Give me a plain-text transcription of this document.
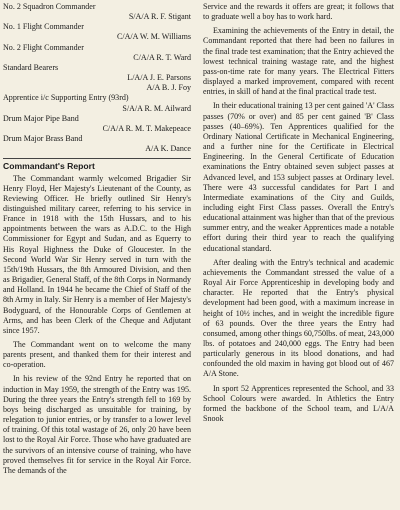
No. 2 Squadron Commander

S/A/A R. F. Stigant

No. 1 Flight Commander

C/A/A W. M. Williams

No. 2 Flight Commander

C/A/A R. T. Ward

Standard Bearers

L/A/A J. E. Parsons

A/A B. J. Foy

Apprentice i/c Supporting Entry (93rd)

S/A/A R. M. Ailward

Drum Major Pipe Band

C/A/A R. M. T. Makepeace

Drum Major Brass Band

A/A K. Dance

Commandant's Report

The Commandant warmly welcomed Brigadier Sir Henry Floyd, Her Majesty's Lieutenant of the County, as Reviewing Officer. He briefly outlined Sir Henry's distinguished military career, referring to his service in France in 1918 with the 15th Hussars, and to his appointments between the wars as A.D.C. to the High Commissioner for Egypt and Sudan, and as Equerry to His Royal Highness the Duke of Gloucester. In the Second World War Sir Henry served in turn with the 15th/19th Hussars, the 8th Armoured Division, and then as Brigadier, General Staff, of the 8th Corps in Normandy and Holland. In 1944 he became the Chief of Staff of the 8th Army in Italy. Sir Henry is a member of Her Majesty's Bodyguard, of the Honourable Corps of Gentlemen at Arms, and has been Clerk of the Cheque and Adjutant since 1957.

The Commandant went on to welcome the many parents present, and thanked them for their interest and co-operation.

In his review of the 92nd Entry he reported that on induction in May 1959, the strength of the Entry was 195. During the three years the Entry's strength fell to 169 by boys being discharged as unsuitable for training, by relegation to junior entries, or by transfer to a lower level of training. Of this total wastage of 26, only 20 have been lost to the Royal Air Force. Those who have graduated are the survivors of an intensive course of training, who have proved themselves fit for service in the Royal Air Force. The demands of the

Service and the rewards it offers are great; it follows that to graduate well a boy has to work hard.

Examining the achievements of the Entry in detail, the Commandant reported that there had been no failures in the final trade test examination; that the Entry achieved the lowest technical training wastage rate, and the highest pass-on-time rate for many years. The Electrical Fitters displayed a marked improvement, compared with recent entries, in skill of hand at the final practical trade test.

In their educational training 13 per cent gained 'A' Class passes (70% or over) and 85 per cent gained 'B' Class passes (40–69%). Ten Apprentices qualified for the Ordinary National Certificate in Mechanical Engineering, and a further nine for the Certificate in Electrical Engineering. In the General Certificate of Education examinations the Entry obtained seven subject passes at Advanced level, and 153 subject passes at Ordinary level. There were 43 successful candidates for Part I and Intermediate examinations of the City and Guilds, including eight First Class passes. Overall the Entry's educational attainment was higher than that of the previous summer entry, and the weaker Apprentices made a notable effort during their third year to reach the qualifying educational standard.

After dealing with the Entry's technical and academic achievements the Commandant stressed the value of a Royal Air Force Apprenticeship in developing body and character. He reported that the Entry's physical development had been good, with a maximum increase in height of 10½ inches, and in weight the incredible figure of 63 pounds. Over the three years the Entry had consumed, among other things 60,750lbs. of meat, 243,000 lbs. of potatoes and 240,000 eggs. The Entry had been particularly generous in its blood donations, and had confounded the old maxim in having got blood out of 467 A/A Stone.

In sport 52 Apprentices represented the School, and 33 School Colours were awarded. In Athletics the Entry formed the backbone of the School team, and L/A/A Snook
